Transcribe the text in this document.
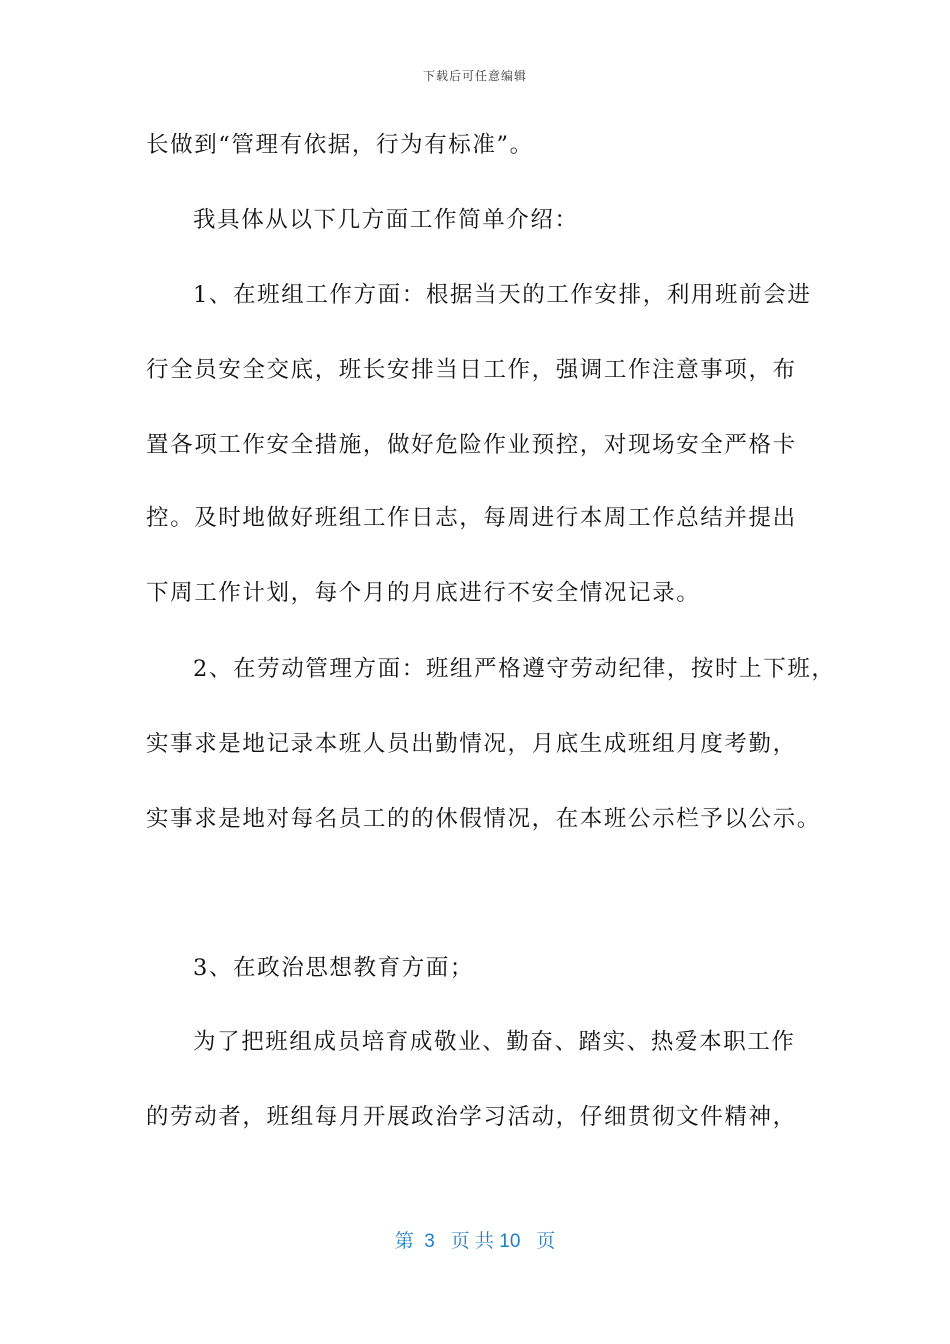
下载后可任意编辑
长做到“管理有依据，行为有标准”。
我具体从以下几方面工作简单介绍：
1、在班组工作方面：根据当天的工作安排，利用班前会进
行全员安全交底，班长安排当日工作，强调工作注意事项，布
置各项工作安全措施，做好危险作业预控，对现场安全严格卡
控。及时地做好班组工作日志，每周进行本周工作总结并提出
下周工作计划，每个月的月底进行不安全情况记录。
2、在劳动管理方面：班组严格遵守劳动纪律，按时上下班，
实事求是地记录本班人员出勤情况，月底生成班组月度考勤，
实事求是地对每名员工的的休假情况，在本班公示栏予以公示。
3、在政治思想教育方面；
为了把班组成员培育成敬业、勤奋、踏实、热爱本职工作
的劳动者，班组每月开展政治学习活动，仔细贯彻文件精神，
第  3   页 共 10   页
